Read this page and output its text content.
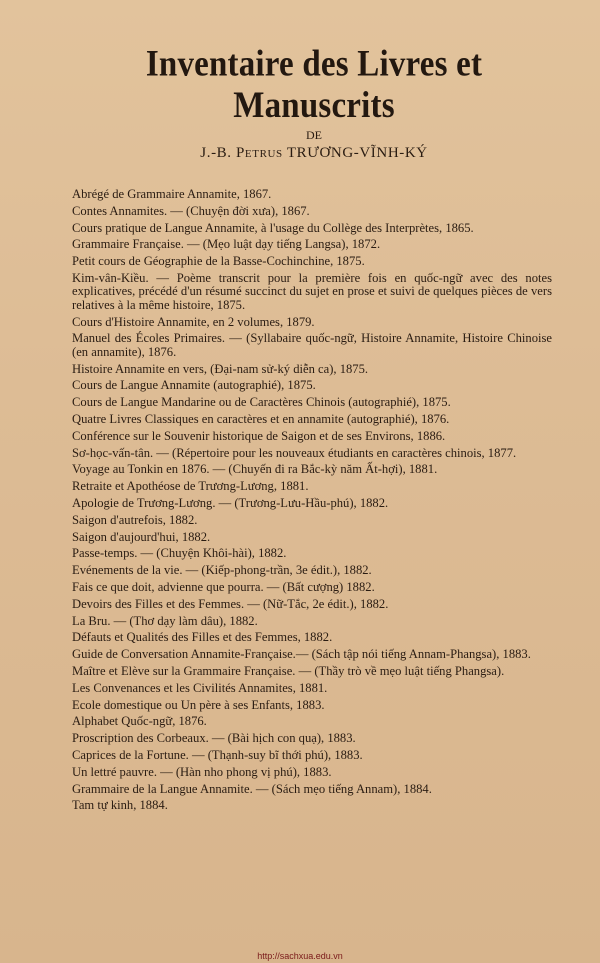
Inventaire des Livres et Manuscrits
DE
J.-B. Petrus TRƯƠNG-VĨNH-KÝ
Abrégé de Grammaire Annamite, 1867.
Contes Annamites. — (Chuyện đời xưa), 1867.
Cours pratique de Langue Annamite, à l'usage du Collège des Interprètes, 1865.
Grammaire Française. — (Mẹo luật dạy tiếng Langsa), 1872.
Petit cours de Géographie de la Basse-Cochinchine, 1875.
Kim-vân-Kiều. — Poème transcrit pour la première fois en quốc-ngữ avec des notes explicatives, précédé d'un résumé succinct du sujet en prose et suivi de quelques pièces de vers relatives à la même histoire, 1875.
Cours d'Histoire Annamite, en 2 volumes, 1879.
Manuel des Écoles Primaires. — (Syllabaire quốc-ngữ, Histoire Annamite, Histoire Chinoise (en annamite), 1876.
Histoire Annamite en vers, (Đại-nam sử-ký diễn ca), 1875.
Cours de Langue Annamite (autographié), 1875.
Cours de Langue Mandarine ou de Caractères Chinois (autographié), 1875.
Quatre Livres Classiques en caractères et en annamite (autographié), 1876.
Conférence sur le Souvenir historique de Saigon et de ses Environs, 1886.
Sơ-học-vấn-tân. — (Répertoire pour les nouveaux étudiants en caractères chinois, 1877.
Voyage au Tonkin en 1876. — (Chuyến đi ra Bắc-kỳ năm Ất-hợi), 1881.
Retraite et Apothéose de Trương-Lương, 1881.
Apologie de Trương-Lương. — (Trương-Lưu-Hầu-phú), 1882.
Saigon d'autrefois, 1882.
Saigon d'aujourd'hui, 1882.
Passe-temps. — (Chuyện Khôi-hài), 1882.
Evénements de la vie. — (Kiếp-phong-trần, 3e édit.), 1882.
Fais ce que doit, advienne que pourra. — (Bất cượng) 1882.
Devoirs des Filles et des Femmes. — (Nữ-Tắc, 2e édit.), 1882.
La Bru. — (Thơ dạy làm dâu), 1882.
Défauts et Qualités des Filles et des Femmes, 1882.
Guide de Conversation Annamite-Française.— (Sách tập nói tiếng Annam-Phangsa), 1883.
Maître et Elève sur la Grammaire Française. — (Thầy trò về mẹo luật tiếng Phangsa).
Les Convenances et les Civilités Annamites, 1881.
Ecole domestique ou Un père à ses Enfants, 1883.
Alphabet Quốc-ngữ, 1876.
Proscription des Corbeaux. — (Bài hịch con quạ), 1883.
Caprices de la Fortune. — (Thạnh-suy bĩ thới phú), 1883.
Un lettré pauvre. — (Hàn nho phong vị phú), 1883.
Grammaire de la Langue Annamite. — (Sách mẹo tiếng Annam), 1884.
Tam tự kinh, 1884.
http://sachxua.edu.vn
